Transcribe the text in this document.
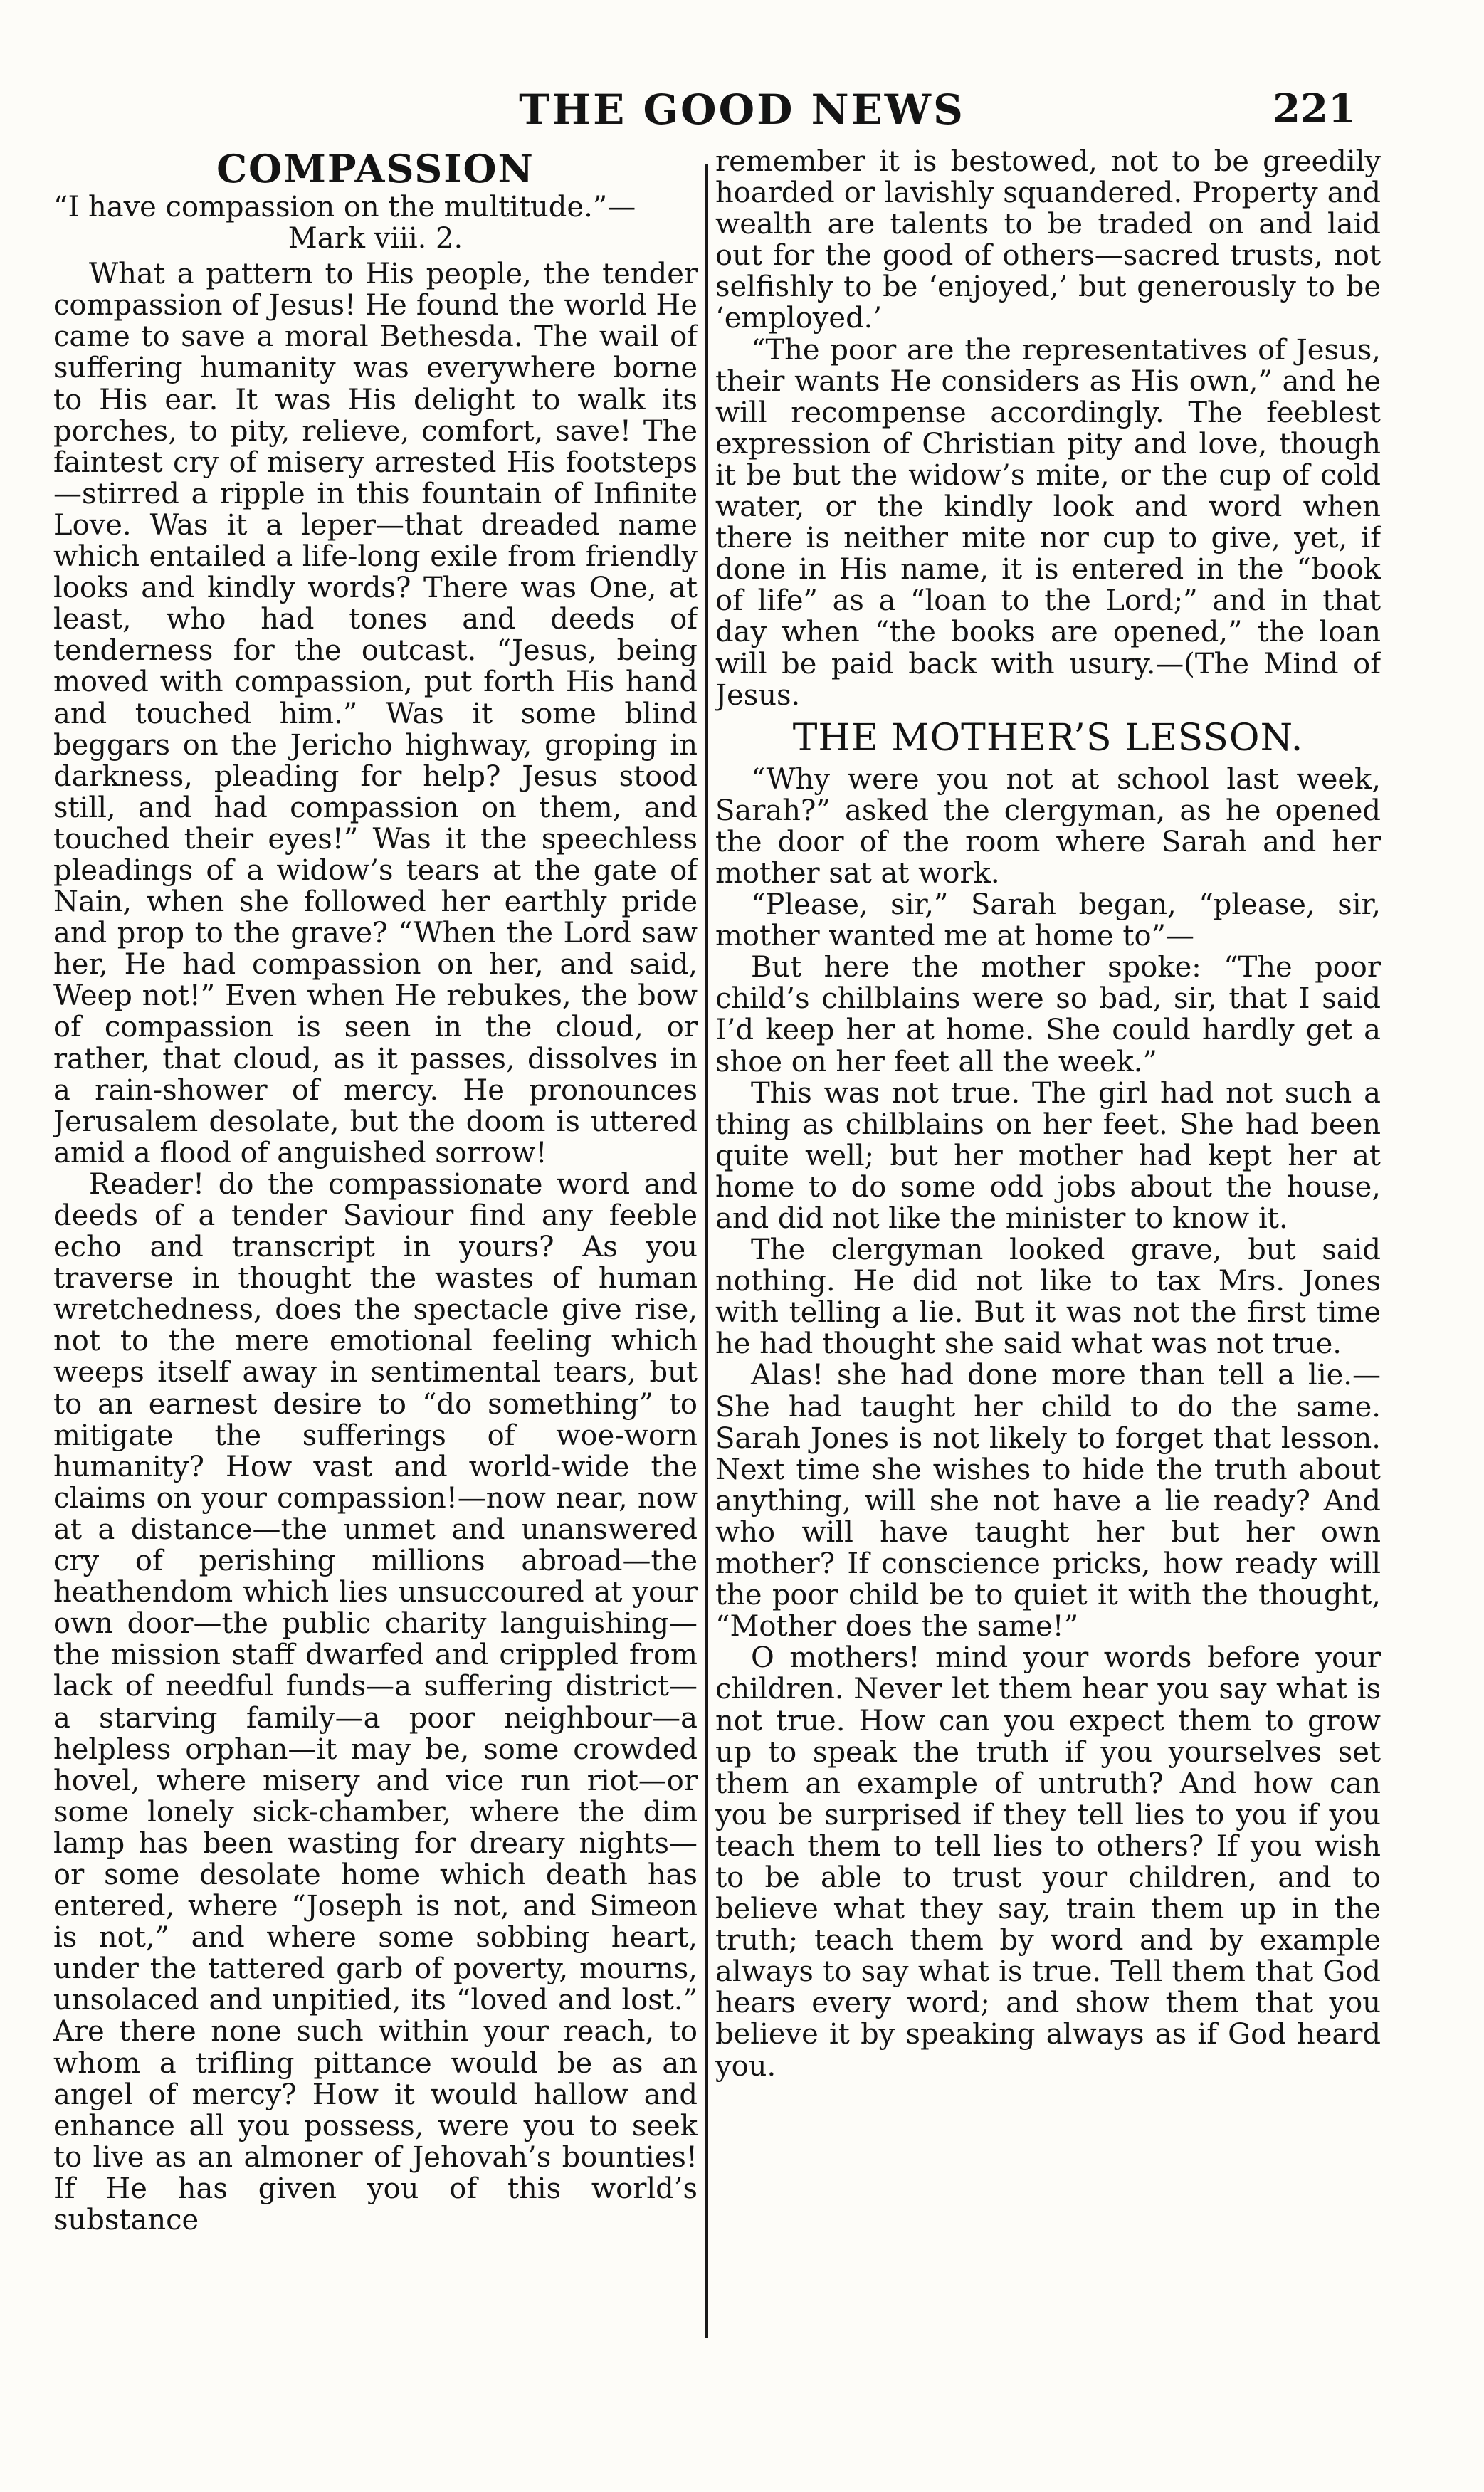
THE GOOD NEWS	221
COMPASSION

“I have compassion on the multitude.”—

Mark viii. 2.

What a pattern to His people, the tender compassion of Jesus! He found the world He came to save a moral Bethesda. The wail of suffering humanity was everywhere borne to His ear. It was His delight to walk its porches, to pity, relieve, comfort, save! The faintest cry of misery arrested His footsteps—stirred a ripple in this fountain of Infinite Love. Was it a leper—that dreaded name which entailed a life-long exile from friendly looks and kindly words? There was One, at least, who had tones and deeds of tenderness for the outcast. “Jesus, being moved with compassion, put forth His hand and touched him.” Was it some blind beggars on the Jericho highway, groping in darkness, pleading for help? Jesus stood still, and had compassion on them, and touched their eyes!” Was it the speechless pleadings of a widow’s tears at the gate of Nain, when she followed her earthly pride and prop to the grave? “When the Lord saw her, He had compassion on her, and said, Weep not!” Even when He rebukes, the bow of compassion is seen in the cloud, or rather, that cloud, as it passes, dissolves in a rain-shower of mercy. He pronounces Jerusalem desolate, but the doom is uttered amid a flood of anguished sorrow!

Reader! do the compassionate word and deeds of a tender Saviour find any feeble echo and transcript in yours? As you traverse in thought the wastes of human wretchedness, does the spectacle give rise, not to the mere emotional feeling which weeps itself away in sentimental tears, but to an earnest desire to “do something” to mitigate the sufferings of woe-worn humanity? How vast and world-wide the claims on your compassion!—now near, now at a distance—the unmet and unanswered cry of perishing millions abroad—the heathendom which lies unsuccoured at your own door—the public charity languishing—the mission staff dwarfed and crippled from lack of needful funds—a suffering district—a starving family—a poor neighbour—a helpless orphan—it may be, some crowded hovel, where misery and vice run riot—or some lonely sick-chamber, where the dim lamp has been wasting for dreary nights—or some desolate home which death has entered, where “Joseph is not, and Simeon is not,” and where some sobbing heart, under the tattered garb of poverty, mourns, unsolaced and unpitied, its “loved and lost.” Are there none such within your reach, to whom a trifling pittance would be as an angel of mercy? How it would hallow and enhance all you possess, were you to seek to live as an almoner of Jehovah’s bounties! If He has given you of this world’s substance

remember it is bestowed, not to be greedily hoarded or lavishly squandered. Property and wealth are talents to be traded on and laid out for the good of others—sacred trusts, not selfishly to be ‘enjoyed,’ but generously to be ‘employed.’

“The poor are the representatives of Jesus, their wants He considers as His own,” and he will recompense accordingly. The feeblest expression of Christian pity and love, though it be but the widow’s mite, or the cup of cold water, or the kindly look and word when there is neither mite nor cup to give, yet, if done in His name, it is entered in the “book of life” as a “loan to the Lord;” and in that day when “the books are opened,” the loan will be paid back with usury.—(The Mind of Jesus.

THE MOTHER’S LESSON.

“Why were you not at school last week, Sarah?” asked the clergyman, as he opened the door of the room where Sarah and her mother sat at work.

“Please, sir,” Sarah began, “please, sir, mother wanted me at home to”—

But here the mother spoke: “The poor child’s chilblains were so bad, sir, that I said I’d keep her at home. She could hardly get a shoe on her feet all the week.”

This was not true. The girl had not such a thing as chilblains on her feet. She had been quite well; but her mother had kept her at home to do some odd jobs about the house, and did not like the minister to know it.

The clergyman looked grave, but said nothing. He did not like to tax Mrs. Jones with telling a lie. But it was not the first time he had thought she said what was not true.

Alas! she had done more than tell a lie.—She had taught her child to do the same. Sarah Jones is not likely to forget that lesson. Next time she wishes to hide the truth about anything, will she not have a lie ready? And who will have taught her but her own mother? If conscience pricks, how ready will the poor child be to quiet it with the thought, “Mother does the same!”

O mothers! mind your words before your children. Never let them hear you say what is not true. How can you expect them to grow up to speak the truth if you yourselves set them an example of untruth? And how can you be surprised if they tell lies to you if you teach them to tell lies to others? If you wish to be able to trust your children, and to believe what they say, train them up in the truth; teach them by word and by example always to say what is true. Tell them that God hears every word; and show them that you believe it by speaking always as if God heard you.
